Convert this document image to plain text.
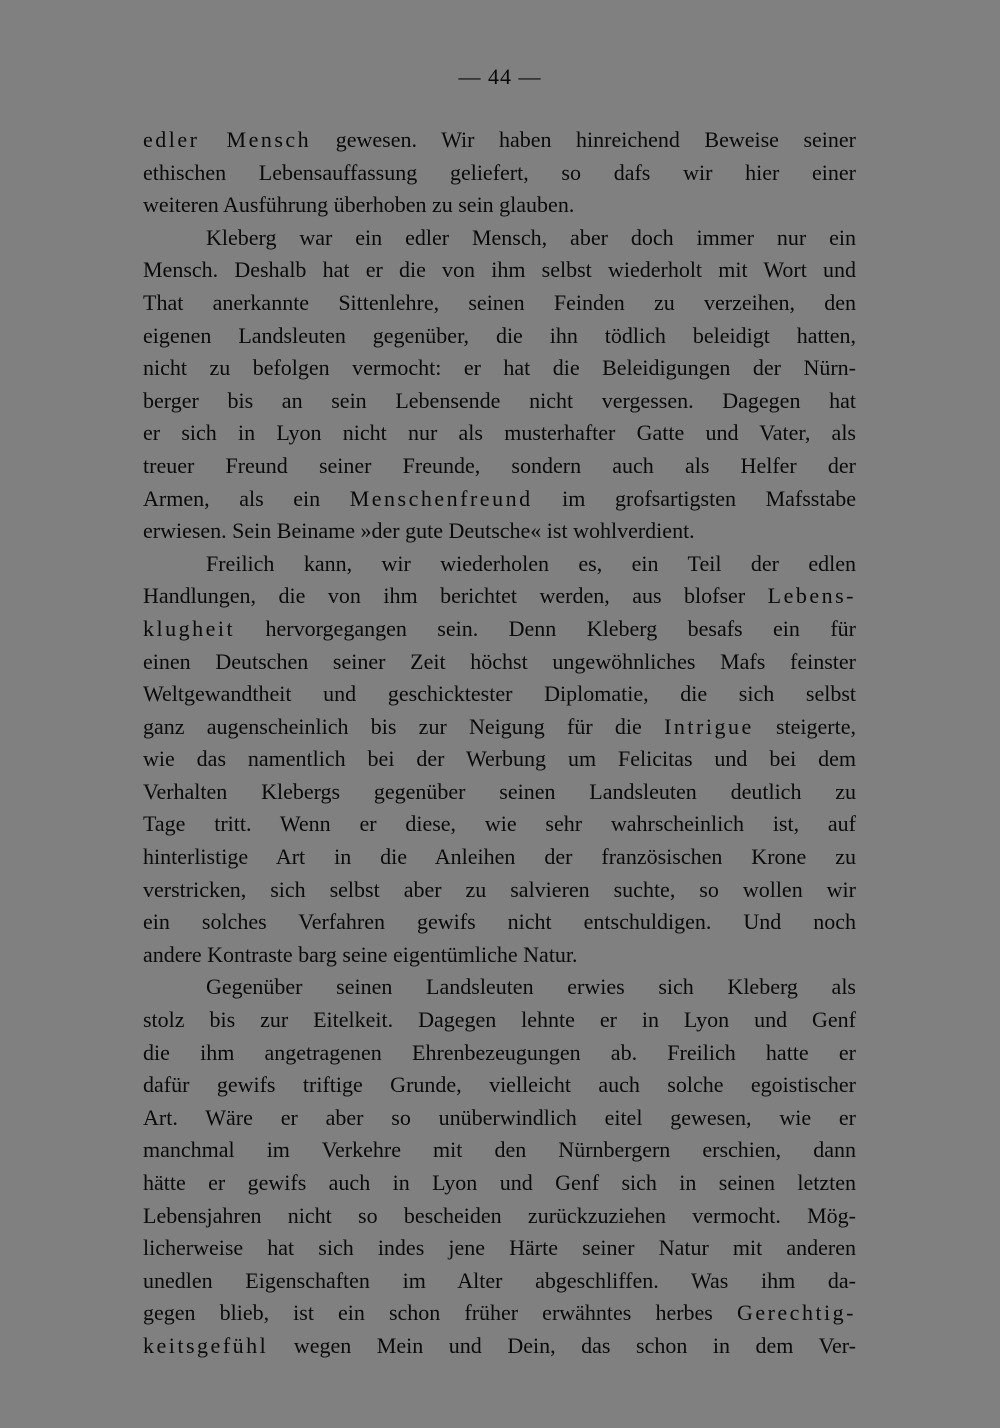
— 44 —
edler Mensch gewesen. Wir haben hinreichend Beweise seiner
ethischen Lebensauffassung geliefert, so dafs wir hier einer
weiteren Ausführung überhoben zu sein glauben.
Kleberg war ein edler Mensch, aber doch immer nur ein
Mensch. Deshalb hat er die von ihm selbst wiederholt mit Wort und
That anerkannte Sittenlehre, seinen Feinden zu verzeihen, den
eigenen Landsleuten gegenüber, die ihn tödlich beleidigt hatten,
nicht zu befolgen vermocht: er hat die Beleidigungen der Nürn-
berger bis an sein Lebensende nicht vergessen. Dagegen hat
er sich in Lyon nicht nur als musterhafter Gatte und Vater, als
treuer Freund seiner Freunde, sondern auch als Helfer der
Armen, als ein Menschenfreund im grofsartigsten Mafsstabe
erwiesen. Sein Beiname »der gute Deutsche« ist wohlverdient.
Freilich kann, wir wiederholen es, ein Teil der edlen
Handlungen, die von ihm berichtet werden, aus blofser Lebens-
klugheit hervorgegangen sein. Denn Kleberg besafs ein für
einen Deutschen seiner Zeit höchst ungewöhnliches Mafs feinster
Weltgewandtheit und geschicktester Diplomatie, die sich selbst
ganz augenscheinlich bis zur Neigung für die Intrigue steigerte,
wie das namentlich bei der Werbung um Felicitas und bei dem
Verhalten Klebergs gegenüber seinen Landsleuten deutlich zu
Tage tritt. Wenn er diese, wie sehr wahrscheinlich ist, auf
hinterlistige Art in die Anleihen der französischen Krone zu
verstricken, sich selbst aber zu salvieren suchte, so wollen wir
ein solches Verfahren gewifs nicht entschuldigen. Und noch
andere Kontraste barg seine eigentümliche Natur.
Gegenüber seinen Landsleuten erwies sich Kleberg als
stolz bis zur Eitelkeit. Dagegen lehnte er in Lyon und Genf
die ihm angetragenen Ehrenbezeugungen ab. Freilich hatte er
dafür gewifs triftige Grunde, vielleicht auch solche egoistischer
Art. Wäre er aber so unüberwindlich eitel gewesen, wie er
manchmal im Verkehre mit den Nürnbergern erschien, dann
hätte er gewifs auch in Lyon und Genf sich in seinen letzten
Lebensjahren nicht so bescheiden zurückzuziehen vermocht. Mög-
licherweise hat sich indes jene Härte seiner Natur mit anderen
unedlen Eigenschaften im Alter abgeschliffen. Was ihm da-
gegen blieb, ist ein schon früher erwähntes herbes Gerechtig-
keitsgefühl wegen Mein und Dein, das schon in dem Ver-
